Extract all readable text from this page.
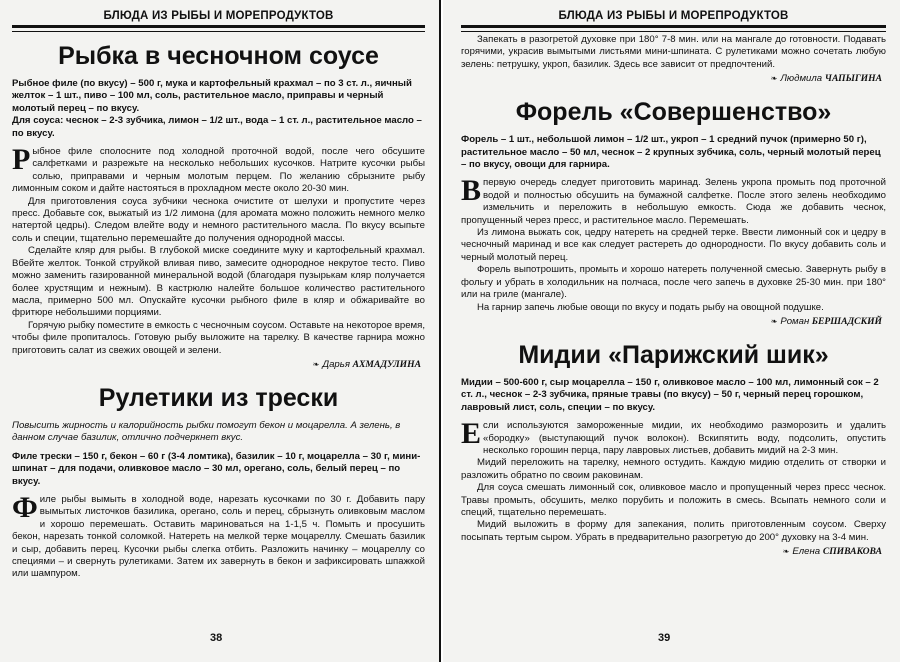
БЛЮДА ИЗ РЫБЫ И МОРЕПРОДУКТОВ
Рыбка в чесночном соусе
Рыбное филе (по вкусу) – 500 г, мука и картофельный крахмал – по 3 ст. л., яичный желток – 1 шт., пиво – 100 мл, соль, растительное масло, приправы и черный молотый перец – по вкусу.
Для соуса: чеснок – 2-3 зубчика, лимон – 1/2 шт., вода – 1 ст. л., растительное масло – по вкусу.

Рыбное филе сполосните под холодной проточной водой, после чего обсушите салфетками и разрежьте на несколько небольших кусочков. Натрите кусочки рыбы солью, приправами и черным молотым перцем. По желанию сбрызните рыбу лимонным соком и дайте настояться в прохладном месте около 20-30 мин.

Для приготовления соуса зубчики чеснока очистите от шелухи и пропустите через пресс. Добавьте сок, выжатый из 1/2 лимона (для аромата можно положить немного мелко натертой цедры). Следом влейте воду и немного растительного масла. По вкусу всыпьте соль и специи, тщательно перемешайте до получения однородной массы.

Сделайте кляр для рыбы. В глубокой миске соедините муку и картофельный крахмал. Вбейте желток. Тонкой струйкой вливая пиво, замесите однородное некрутое тесто. Пиво можно заменить газированной минеральной водой (благодаря пузырькам кляр получается более хрустящим и нежным). В кастрюлю налейте большое количество растительного масла, примерно 500 мл. Опускайте кусочки рыбного филе в кляр и обжаривайте во фритюре небольшими порциями.

Горячую рыбку поместите в емкость с чесночным соусом. Оставьте на некоторое время, чтобы филе пропиталось. Готовую рыбу выложите на тарелку. В качестве гарнира можно приготовить салат из свежих овощей и зелени.

❧ Дарья АХМАДУЛИНА
Рулетики из трески
Повысить жирность и калорийность рыбки помогут бекон и моцарелла. А зелень, в данном случае базилик, отлично подчеркнет вкус.
Филе трески – 150 г, бекон – 60 г (3-4 ломтика), базилик – 10 г, моцарелла – 30 г, мини-шпинат – для подачи, оливковое масло – 30 мл, орегано, соль, белый перец – по вкусу.

Филе рыбы вымыть в холодной воде, нарезать кусочками по 30 г. Добавить пару вымытых листочков базилика, орегано, соль и перец, сбрызнуть оливковым маслом и хорошо перемешать. Оставить мариноваться на 1-1,5 ч. Помыть и просушить бекон, нарезать тонкой соломкой. Натереть на мелкой терке моцареллу. Смешать базилик и сыр, добавить перец. Кусочки рыбы слегка отбить. Разложить начинку – моцареллу со специями – и свернуть рулетиками. Затем их завернуть в бекон и зафиксировать шпажкой или шампуром.

38
БЛЮДА ИЗ РЫБЫ И МОРЕПРОДУКТОВ

Запекать в разогретой духовке при 180° 7-8 мин. или на мангале до готовности. Подавать горячими, украсив вымытыми листьями мини-шпината. С рулетиками можно сочетать любую зелень: петрушку, укроп, базилик. Здесь все зависит от предпочтений.

❧ Людмила ЧАПЫГИНА
Форель «Совершенство»
Форель – 1 шт., небольшой лимон – 1/2 шт., укроп – 1 средний пучок (примерно 50 г), растительное масло – 50 мл, чеснок – 2 крупных зубчика, соль, черный молотый перец – по вкусу, овощи для гарнира.

Впервую очередь следует приготовить маринад. Зелень укропа промыть под проточной водой и полностью обсушить на бумажной салфетке. После этого зелень необходимо измельчить и переложить в небольшую емкость. Сюда же добавить чеснок, пропущенный через пресс, и растительное масло. Перемешать.

Из лимона выжать сок, цедру натереть на средней терке. Ввести лимонный сок и цедру в чесночный маринад и все как следует растереть до однородности. По вкусу добавить соль и черный молотый перец.

Форель выпотрошить, промыть и хорошо натереть полученной смесью. Завернуть рыбу в фольгу и убрать в холодильник на полчаса, после чего запечь в духовке 25-30 мин. при 180° или на гриле (мангале).

На гарнир запечь любые овощи по вкусу и подать рыбу на овощной подушке.

❧ Роман БЕРШАДСКИЙ
Мидии «Парижский шик»
Мидии – 500-600 г, сыр моцарелла – 150 г, оливковое масло – 100 мл, лимонный сок – 2 ст. л., чеснок – 2-3 зубчика, пряные травы (по вкусу) – 50 г, черный перец горошком, лавровый лист, соль, специи – по вкусу.

Если используются замороженные мидии, их необходимо разморозить и удалить «бородку» (выступающий пучок волокон). Вскипятить воду, подсолить, опустить несколько горошин перца, пару лавровых листьев, добавить мидий на 2-3 мин.

Мидий переложить на тарелку, немного остудить. Каждую мидию отделить от створки и разложить обратно по своим раковинам.

Для соуса смешать лимонный сок, оливковое масло и пропущенный через пресс чеснок. Травы промыть, обсушить, мелко порубить и положить в смесь. Всыпать немного соли и специй, тщательно перемешать.

Мидий выложить в форму для запекания, полить приготовленным соусом. Сверху посыпать тертым сыром. Убрать в предварительно разогретую до 200° духовку на 3-4 мин.

❧ Елена СПИВАКОВА
39
